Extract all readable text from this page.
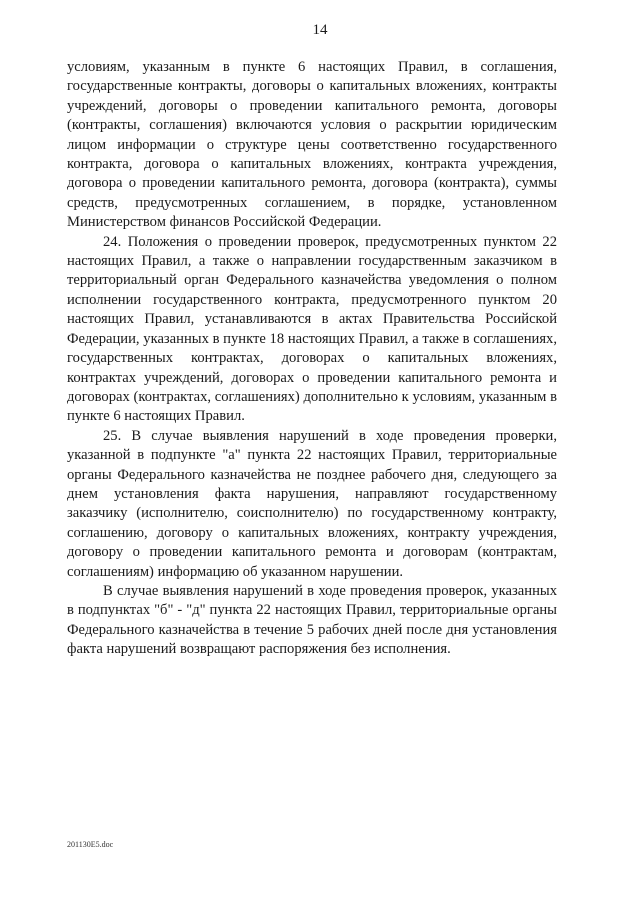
14

условиям, указанным в пункте 6 настоящих Правил, в соглашения, государственные контракты, договоры о капитальных вложениях, контракты учреждений, договоры о проведении капитального ремонта, договоры (контракты, соглашения) включаются условия о раскрытии юридическим лицом информации о структуре цены соответственно государственного контракта, договора о капитальных вложениях, контракта учреждения, договора о проведении капитального ремонта, договора (контракта), суммы средств, предусмотренных соглашением, в порядке, установленном Министерством финансов Российской Федерации.

24. Положения о проведении проверок, предусмотренных пунктом 22 настоящих Правил, а также о направлении государственным заказчиком в территориальный орган Федерального казначейства уведомления о полном исполнении государственного контракта, предусмотренного пунктом 20 настоящих Правил, устанавливаются в актах Правительства Российской Федерации, указанных в пункте 18 настоящих Правил, а также в соглашениях, государственных контрактах, договорах о капитальных вложениях, контрактах учреждений, договорах о проведении капитального ремонта и договорах (контрактах, соглашениях) дополнительно к условиям, указанным в пункте 6 настоящих Правил.

25. В случае выявления нарушений в ходе проведения проверки, указанной в подпункте "а" пункта 22 настоящих Правил, территориальные органы Федерального казначейства не позднее рабочего дня, следующего за днем установления факта нарушения, направляют государственному заказчику (исполнителю, соисполнителю) по государственному контракту, соглашению, договору о капитальных вложениях, контракту учреждения, договору о проведении капитального ремонта и договорам (контрактам, соглашениям) информацию об указанном нарушении.

В случае выявления нарушений в ходе проведения проверок, указанных в подпунктах "б" - "д" пункта 22 настоящих Правил, территориальные органы Федерального казначейства в течение 5 рабочих дней после дня установления факта нарушений возвращают распоряжения без исполнения.

201130E5.doc
